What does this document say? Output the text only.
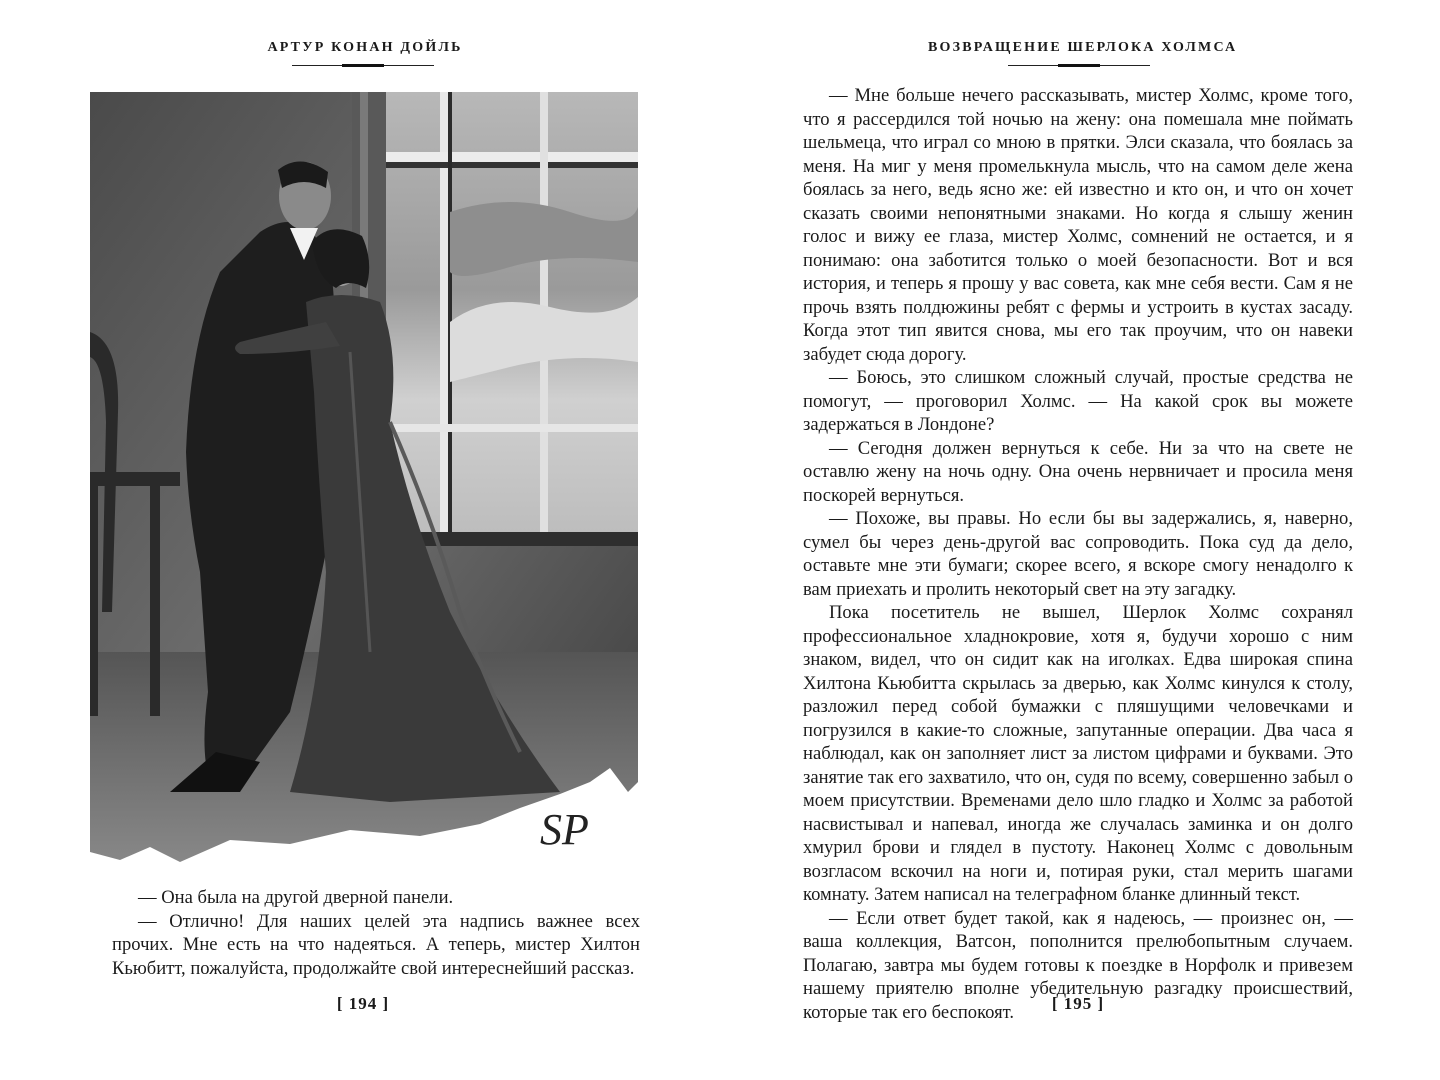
АРТУР КОНАН ДОЙЛЬ
SP

— Она была на другой дверной панели.

— Отлично! Для наших целей эта надпись важнее всех прочих. Мне есть на что надеяться. А теперь, мистер Хилтон Кьюбитт, пожалуйста, продолжайте свой интереснейший рассказ.

[ 194 ]
ВОЗВРАЩЕНИЕ ШЕРЛОКА ХОЛМСА

— Мне больше нечего рассказывать, мистер Холмс, кроме того, что я рассердился той ночью на жену: она помешала мне поймать шельмеца, что играл со мною в прятки. Элси сказала, что боялась за меня. На миг у меня промелькнула мысль, что на самом деле жена боялась за него, ведь ясно же: ей известно и кто он, и что он хочет сказать своими непонятными знаками. Но когда я слышу женин голос и вижу ее глаза, мистер Холмс, сомнений не остается, и я понимаю: она заботится только о моей безопасности. Вот и вся история, и теперь я прошу у вас совета, как мне себя вести. Сам я не прочь взять полдюжины ребят с фермы и устроить в кустах засаду. Когда этот тип явится снова, мы его так проучим, что он навеки забудет сюда дорогу.

— Боюсь, это слишком сложный случай, простые средства не помогут, — проговорил Холмс. — На какой срок вы можете задержаться в Лондоне?

— Сегодня должен вернуться к себе. Ни за что на свете не оставлю жену на ночь одну. Она очень нервничает и просила меня поскорей вернуться.

— Похоже, вы правы. Но если бы вы задержались, я, наверно, сумел бы через день-другой вас сопроводить. Пока суд да дело, оставьте мне эти бумаги; скорее всего, я вскоре смогу ненадолго к вам приехать и пролить некоторый свет на эту загадку.

Пока посетитель не вышел, Шерлок Холмс сохранял профессиональное хладнокровие, хотя я, будучи хорошо с ним знаком, видел, что он сидит как на иголках. Едва широкая спина Хилтона Кьюбитта скрылась за дверью, как Холмс кинулся к столу, разложил перед собой бумажки с пляшущими человечками и погрузился в какие-то сложные, запутанные операции. Два часа я наблюдал, как он заполняет лист за листом цифрами и буквами. Это занятие так его захватило, что он, судя по всему, совершенно забыл о моем присутствии. Временами дело шло гладко и Холмс за работой насвистывал и напевал, иногда же случалась заминка и он долго хмурил брови и глядел в пустоту. Наконец Холмс с довольным возгласом вскочил на ноги и, потирая руки, стал мерить шагами комнату. Затем написал на телеграфном бланке длинный текст.

— Если ответ будет такой, как я надеюсь, — произнес он, — ваша коллекция, Ватсон, пополнится прелюбопытным случаем. Полагаю, завтра мы будем готовы к поездке в Норфолк и привезем нашему приятелю вполне убедительную разгадку происшествий, которые так его беспокоят.	[ 195 ]
